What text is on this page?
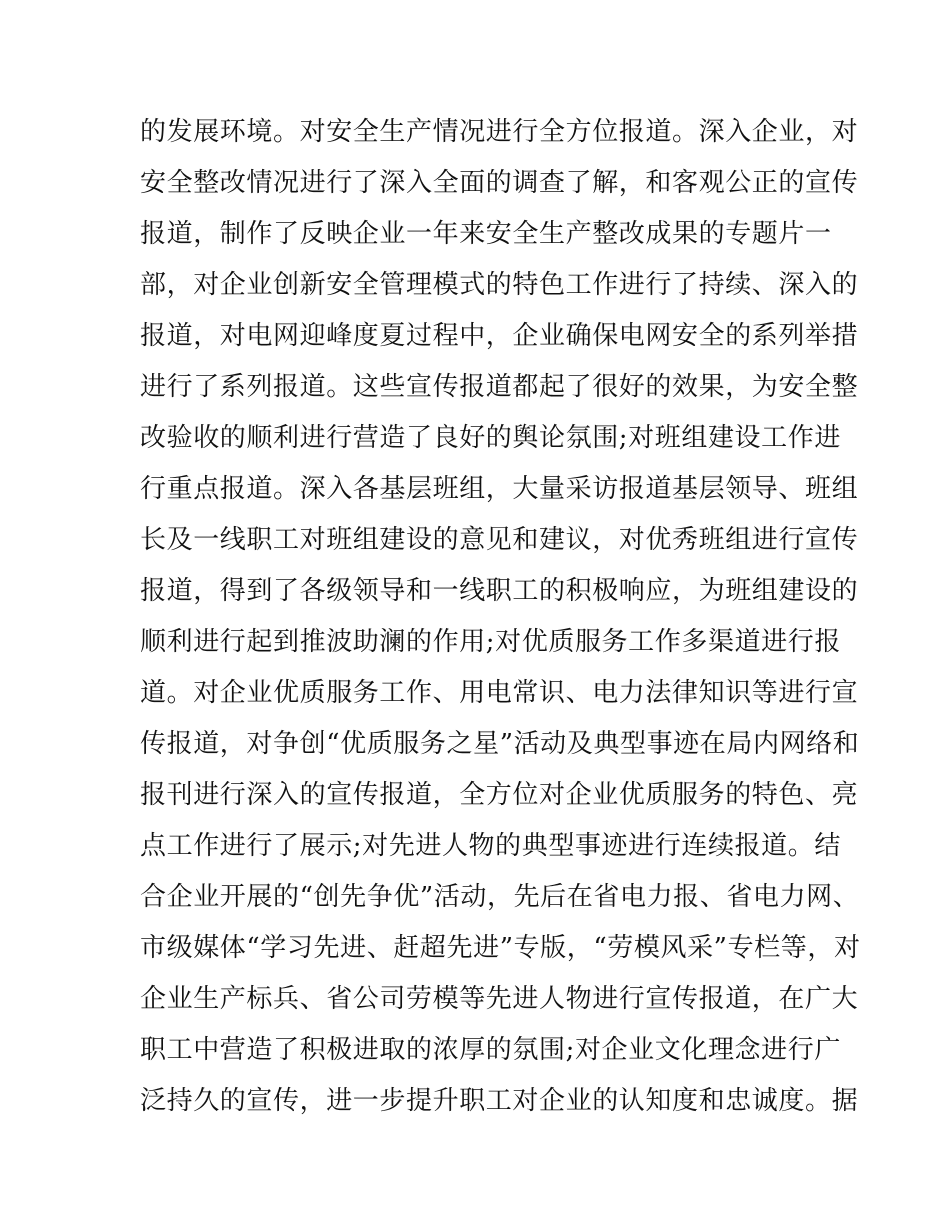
的发展环境。对安全生产情况进行全方位报道。深入企业，对
安全整改情况进行了深入全面的调查了解，和客观公正的宣传
报道，制作了反映企业一年来安全生产整改成果的专题片一
部，对企业创新安全管理模式的特色工作进行了持续、深入的
报道，对电网迎峰度夏过程中，企业确保电网安全的系列举措
进行了系列报道。这些宣传报道都起了很好的效果，为安全整
改验收的顺利进行营造了良好的舆论氛围;对班组建设工作进
行重点报道。深入各基层班组，大量采访报道基层领导、班组
长及一线职工对班组建设的意见和建议，对优秀班组进行宣传
报道，得到了各级领导和一线职工的积极响应，为班组建设的
顺利进行起到推波助澜的作用;对优质服务工作多渠道进行报
道。对企业优质服务工作、用电常识、电力法律知识等进行宣
传报道，对争创“优质服务之星”活动及典型事迹在局内网络和
报刊进行深入的宣传报道，全方位对企业优质服务的特色、亮
点工作进行了展示;对先进人物的典型事迹进行连续报道。结
合企业开展的“创先争优”活动，先后在省电力报、省电力网、
市级媒体“学习先进、赶超先进”专版，“劳模风采”专栏等，对
企业生产标兵、省公司劳模等先进人物进行宣传报道，在广大
职工中营造了积极进取的浓厚的氛围;对企业文化理念进行广
泛持久的宣传，进一步提升职工对企业的认知度和忠诚度。据
